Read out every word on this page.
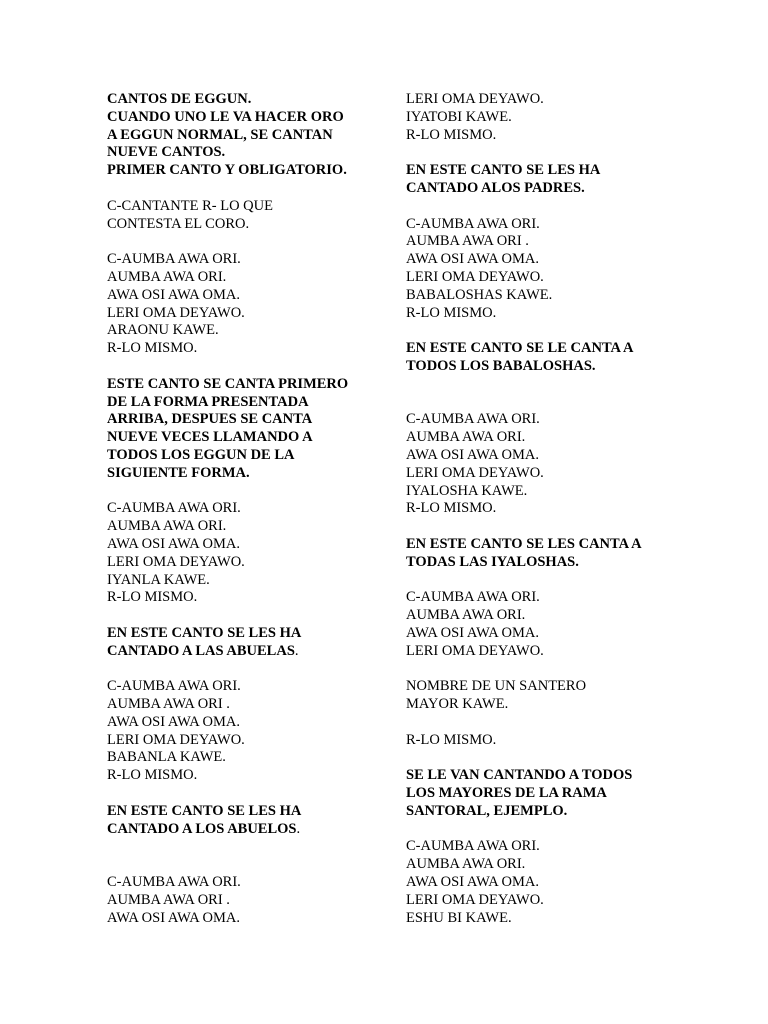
CANTOS DE EGGUN.
CUANDO UNO LE VA HACER ORO
A EGGUN NORMAL, SE CANTAN
NUEVE CANTOS.
PRIMER CANTO Y OBLIGATORIO.
C-CANTANTE R- LO QUE
CONTESTA EL CORO.
C-AUMBA AWA ORI.
AUMBA AWA ORI.
AWA OSI AWA OMA.
LERI OMA DEYAWO.
ARAONU KAWE.
R-LO MISMO.
ESTE CANTO SE CANTA PRIMERO
DE LA FORMA PRESENTADA
ARRIBA, DESPUES SE CANTA
NUEVE VECES LLAMANDO A
TODOS LOS EGGUN DE LA
SIGUIENTE FORMA.
C-AUMBA AWA ORI.
AUMBA AWA ORI.
AWA OSI AWA OMA.
LERI OMA DEYAWO.
IYANLA KAWE.
R-LO MISMO.
EN ESTE CANTO SE LES HA
CANTADO A LAS ABUELAS.
C-AUMBA AWA ORI.
AUMBA AWA ORI .
AWA OSI AWA OMA.
LERI OMA DEYAWO.
BABANLA KAWE.
R-LO MISMO.
EN ESTE CANTO SE LES HA
CANTADO A LOS ABUELOS.
C-AUMBA AWA ORI.
AUMBA AWA ORI .
AWA OSI AWA OMA.
LERI OMA DEYAWO.
IYATOBI KAWE.
R-LO MISMO.
EN ESTE CANTO SE LES HA
CANTADO ALOS PADRES.
C-AUMBA AWA ORI.
AUMBA AWA ORI .
AWA OSI AWA OMA.
LERI OMA DEYAWO.
BABALOSHAS KAWE.
R-LO MISMO.
EN ESTE CANTO SE LE CANTA A
TODOS LOS BABALOSHAS.
C-AUMBA AWA ORI.
AUMBA AWA ORI.
AWA OSI AWA OMA.
LERI OMA DEYAWO.
IYALOSHA KAWE.
R-LO MISMO.
EN ESTE CANTO SE LES CANTA A
TODAS LAS IYALOSHAS.
C-AUMBA AWA ORI.
AUMBA AWA ORI.
AWA OSI AWA OMA.
LERI OMA DEYAWO.
NOMBRE DE UN SANTERO
MAYOR KAWE.
R-LO MISMO.
SE LE VAN CANTANDO A TODOS
LOS MAYORES DE LA RAMA
SANTORAL, EJEMPLO.
C-AUMBA AWA ORI.
AUMBA AWA ORI.
AWA OSI AWA OMA.
LERI OMA DEYAWO.
ESHU BI KAWE.
